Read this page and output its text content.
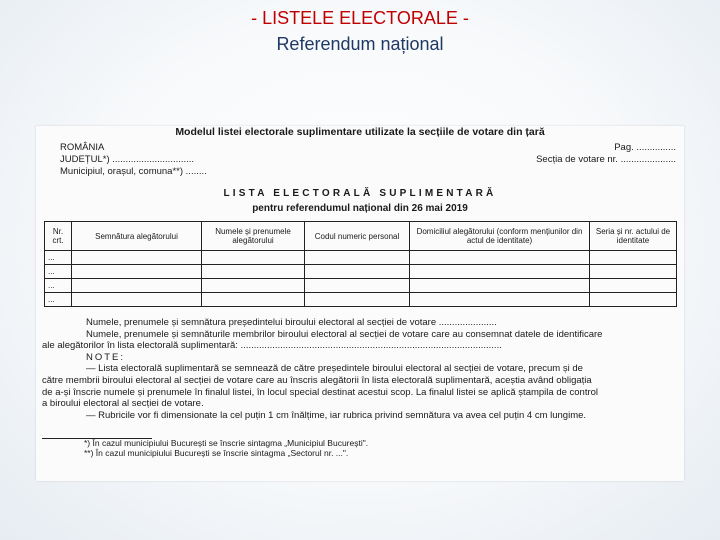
- LISTELE ELECTORALE -
Referendum național
Modelul listei electorale suplimentare utilizate la secțiile de votare din țară
ROMÂNIA
JUDEȚUL*) ...............................
Municipiul, orașul, comuna**) ........
Pag. ...............
Secția de votare nr. .....................
LISTA ELECTORALĂ SUPLIMENTARĂ
pentru referendumul național din 26 mai 2019
Nr. crt.	Semnătura alegătorului	Numele și prenumele alegătorului	Codul numeric personal	Domiciliul alegătorului (conform mențiunilor din actul de identitate)	Seria și nr. actului de identitate
...					
...					
...					
...					

Numele, prenumele și semnătura președintelui biroului electoral al secției de votare ......................

Numele, prenumele și semnăturile membrilor biroului electoral al secției de votare care au consemnat datele de identificare

ale alegătorilor în lista electorală suplimentară: ...................................................................................................

NOTE:

— Lista electorală suplimentară se semnează de către președintele biroului electoral al secției de votare, precum și de

către membrii biroului electoral al secției de votare care au înscris alegătorii în lista electorală suplimentară, aceștia având obligația

de a-și înscrie numele și prenumele în finalul listei, în locul special destinat acestui scop. La finalul listei se aplică ștampila de control

a biroului electoral al secției de votare.

— Rubricile vor fi dimensionate la cel puțin 1 cm înălțime, iar rubrica privind semnătura va avea cel puțin 4 cm lungime.

*) În cazul municipiului București se înscrie sintagma „Municipiul București".
**) În cazul municipiului București se înscrie sintagma „Sectorul nr. ...".
